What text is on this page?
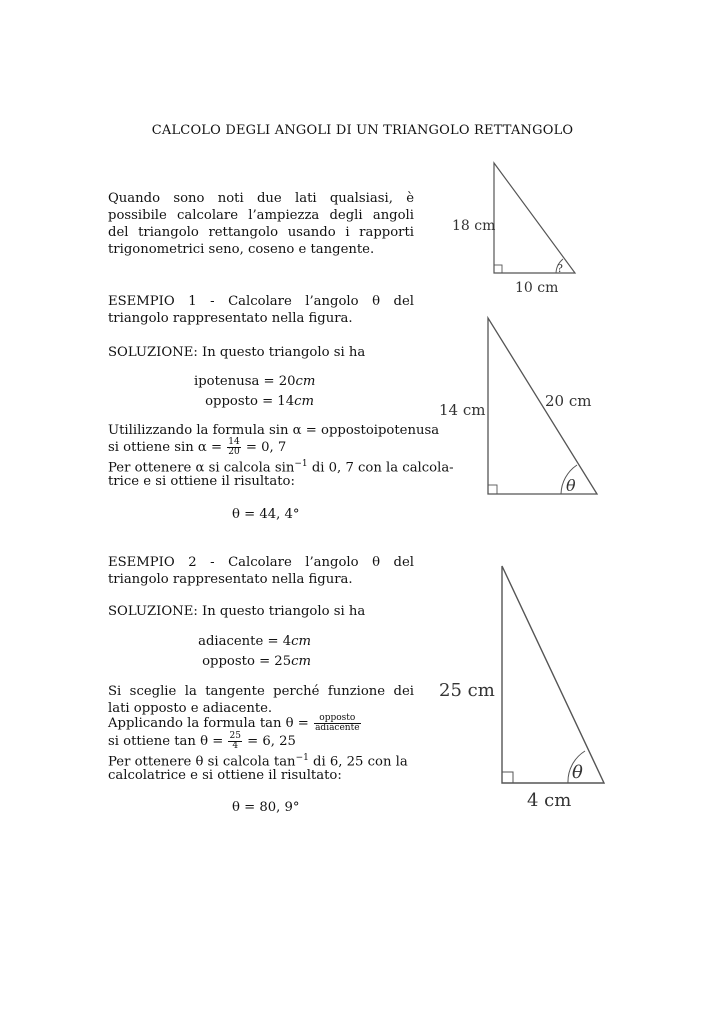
CALCOLO DEGLI ANGOLI DI UN TRIANGOLO RETTANGOLO
Quando sono noti due lati qualsiasi, è possibile calcolare l’ampiezza degli angoli del triangolo rettangolo usando i rapporti trigonometrici seno, coseno e tangente.
ESEMPIO 1 - Calcolare l’angolo θ del triangolo rappresentato nella figura.
SOLUZIONE: In questo triangolo si ha
ipotenusa = 20cm
opposto = 14cm
Utililizzando la formula sin α = oppostoipotenusa
si ottiene $\sin \alpha = \frac{14}{20} = 0$, 7
Per ottenere α si calcola $\sin^{-1}$ di 0, 7 con la calcola-
trice e si ottiene il risultato:
θ = 44, 4°
ESEMPIO 2 - Calcolare l’angolo θ del triangolo rappresentato nella figura.
SOLUZIONE: In questo triangolo si ha
adiacente = 4cm
opposto = 25cm
Si sceglie la tangente perché funzione dei lati opposto e adiacente.
Applicando la formula $\tan \theta = \frac{\text{opposto}}{\text{adiacente}}$
si ottiene $\tan \theta = \frac{25}{4} = 6$, 25
Per ottenere θ si calcola $\tan^{-1}$ di 6, 25 con la
calcolatrice e si ottiene il risultato:
θ = 80, 9°
18 cm
10 cm
?
14 cm	20 cm
θ
25 cm
4 cm
θ
